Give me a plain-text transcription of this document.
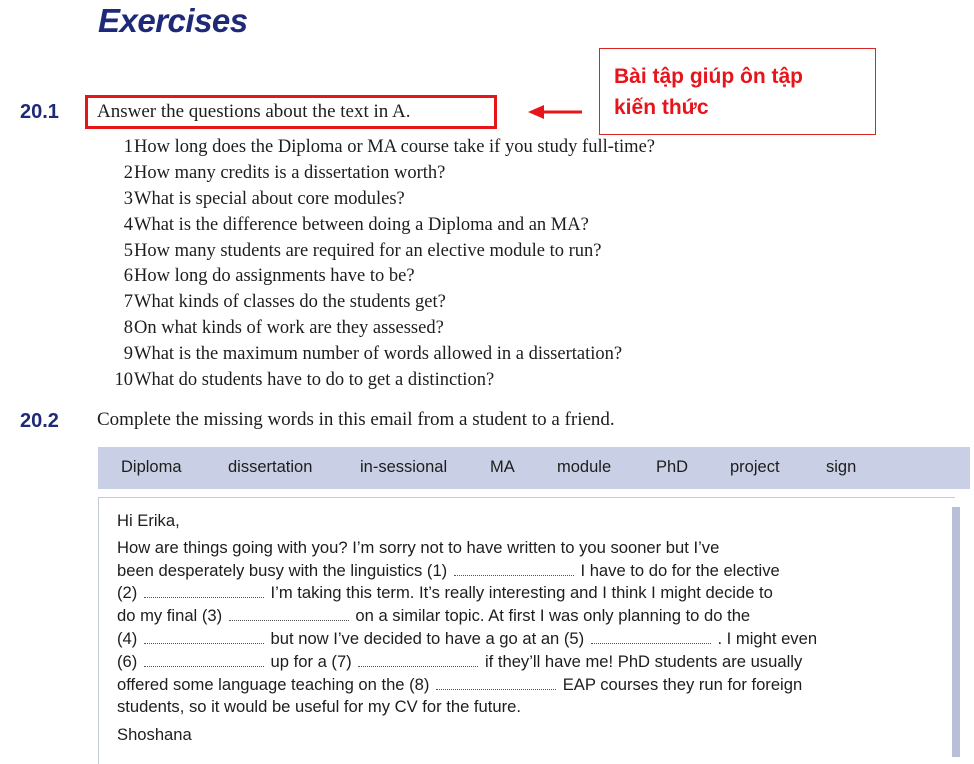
Exercises
20.1 Answer the questions about the text in A.
Bài tập giúp ôn tập
kiến thức
1 How long does the Diploma or MA course take if you study full-time?
2 How many credits is a dissertation worth?
3 What is special about core modules?
4 What is the difference between doing a Diploma and an MA?
5 How many students are required for an elective module to run?
6 How long do assignments have to be?
7 What kinds of classes do the students get?
8 On what kinds of work are they assessed?
9 What is the maximum number of words allowed in a dissertation?
10 What do students have to do to get a distinction?
20.2 Complete the missing words in this email from a student to a friend.
Diploma	dissertation	in-sessional	MA	module	PhD	project	sign
Hi Erika,
How are things going with you? I’m sorry not to have written to you sooner but I’ve
been desperately busy with the linguistics (1)	I have to do for the elective
(2)	I’m taking this term. It’s really interesting and I think I might decide to
do my final (3)	on a similar topic. At first I was only planning to do the
(4)	but now I’ve decided to have a go at an (5)	. I might even
(6)	up for a (7)	if they’ll have me! PhD students are usually
offered some language teaching on the (8)	EAP courses they run for foreign
students, so it would be useful for my CV for the future.
Shoshana
